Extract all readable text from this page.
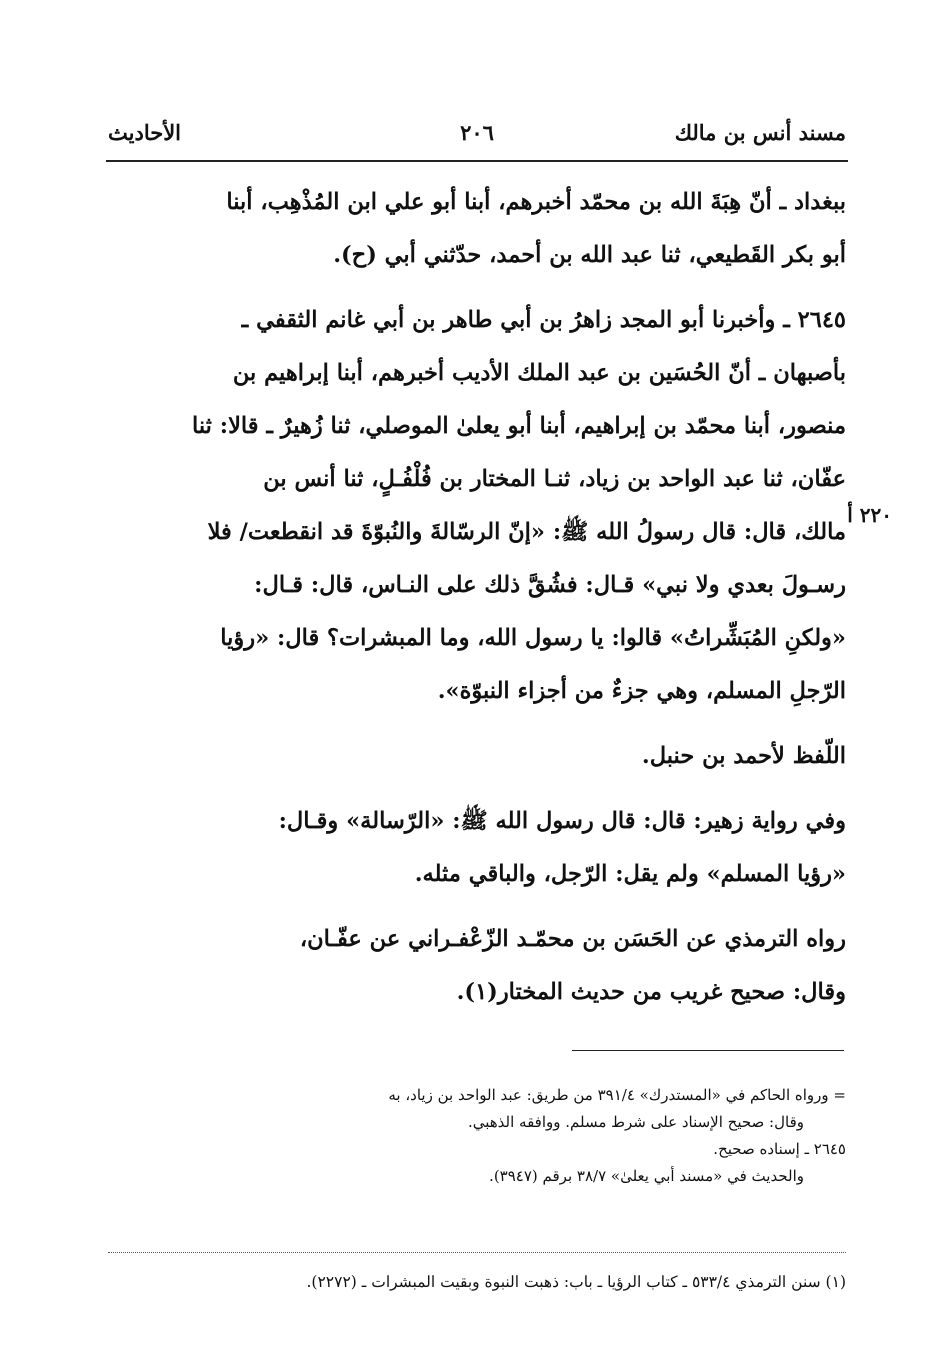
مسند أنس بن مالك
٢٠٦
الأحاديث
٢٢٠ أ

ببغداد ـ أنّ هِبَةَ الله بن محمّد أخبرهم، أبنا أبو علي ابن المُذْهِب، أبنا
أبو بكر القَطيعي، ثنا عبد الله بن أحمد، حدّثني أبي (ح).

٢٦٤٥ ـ وأخبرنا أبو المجد زاهرُ بن أبي طاهر بن أبي غانم الثقفي ـ
بأصبهان ـ أنّ الحُسَين بن عبد الملك الأديب أخبرهم، أبنا إبراهيم بن
منصور، أبنا محمّد بن إبراهيم، أبنا أبو يعلىٰ الموصلي، ثنا زُهيرٌ ـ قالا: ثنا
عفّان، ثنا عبد الواحد بن زياد، ثنـا المختار بن فُلْفُـلٍ، ثنا أنس بن
مالك، قال: قال رسولُ الله ﷺ: «إنّ الرسّالةَ والنُبوّةَ قد انقطعت/ فلا
رسـولَ بعدي ولا نبي» قـال: فشُقَّ ذلك على النـاس، قال: قـال:
«ولكنِ المُبَشِّراتُ» قالوا: يا رسول الله، وما المبشرات؟ قال: «رؤيا
الرّجلِ المسلم، وهي جزءٌ من أجزاء النبوّة».

اللّفظ لأحمد بن حنبل.

وفي رواية زهير: قال: قال رسول الله ﷺ: «الرّسالة» وقـال:
«رؤيا المسلم» ولم يقل: الرّجل، والباقي مثله.

رواه الترمذي عن الحَسَن بن محمّـد الزّعْفـراني عن عفّـان،
وقال: صحيح غريب من حديث المختار(١).

= ورواه الحاكم في «المستدرك» ٣٩١/٤ من طريق: عبد الواحد بن زياد، به

وقال: صحيح الإسناد على شرط مسلم. ووافقه الذهبي.

٢٦٤٥ ـ إسناده صحيح.

والحديث في «مسند أبي يعلىٰ» ٣٨/٧ برقم (٣٩٤٧).

(١) سنن الترمذي ٥٣٣/٤ ـ كتاب الرؤيا ـ باب: ذهبت النبوة وبقيت المبشرات ـ (٢٢٧٢).
